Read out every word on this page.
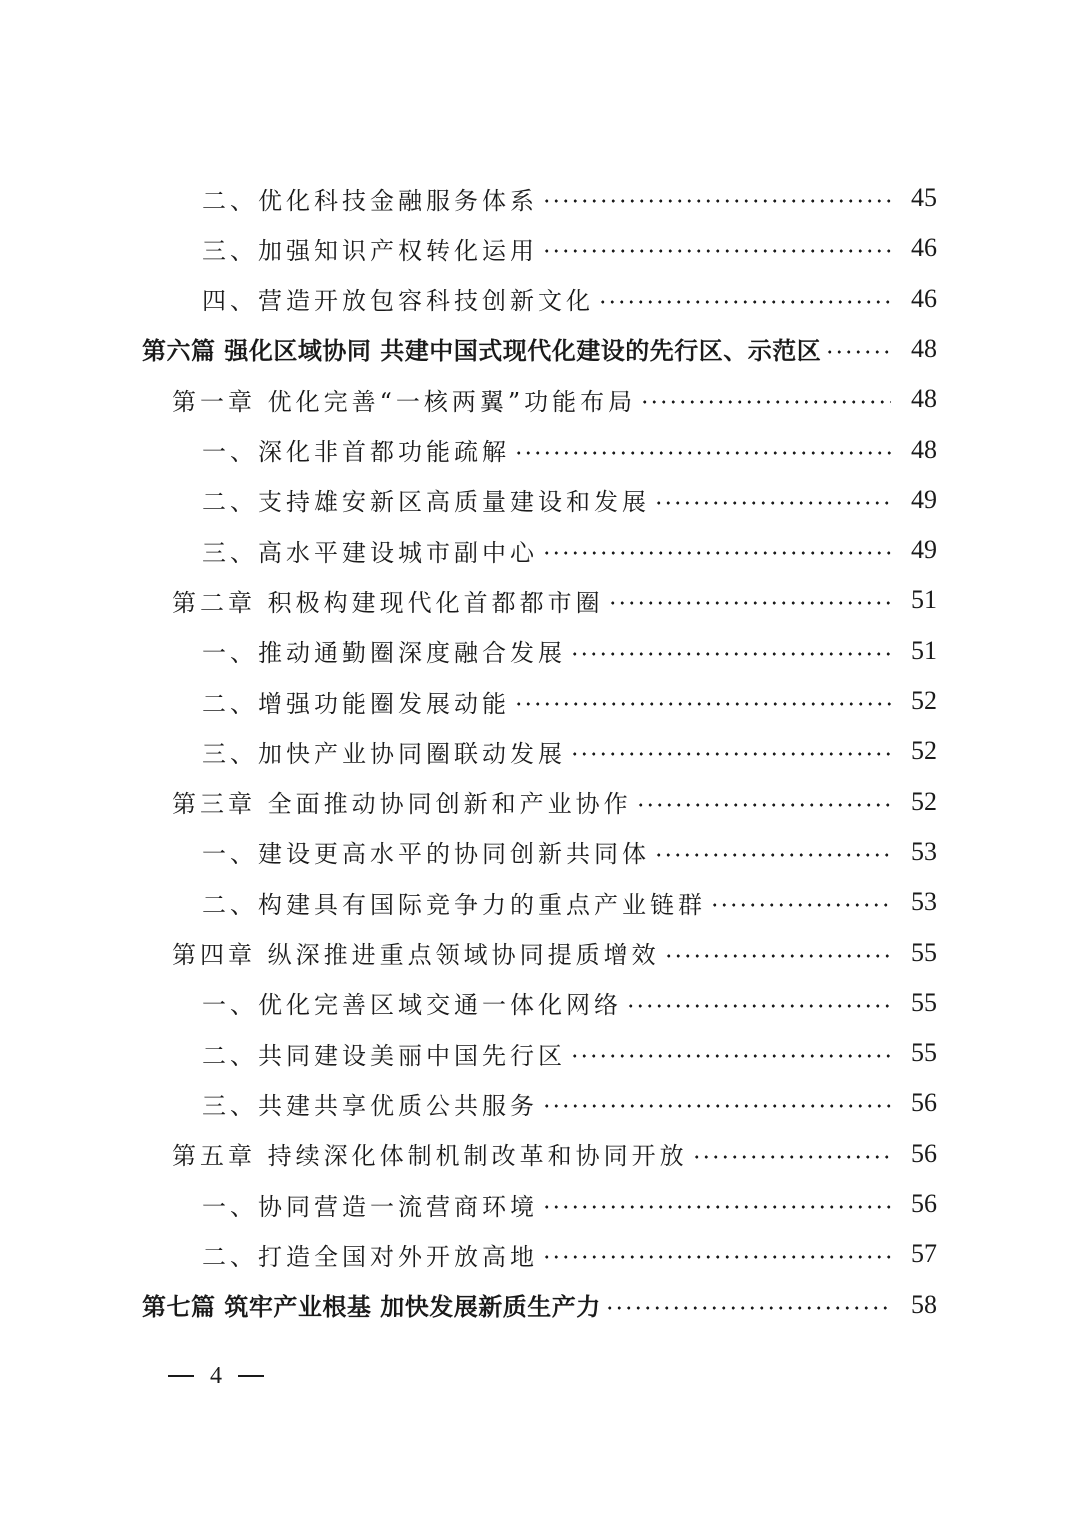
二、优化科技金融服务体系	45
三、加强知识产权转化运用	46
四、营造开放包容科技创新文化	46
第六篇 强化区域协同 共建中国式现代化建设的先行区、示范区	48
第一章 优化完善“一核两翼”功能布局	48
一、深化非首都功能疏解	48
二、支持雄安新区高质量建设和发展	49
三、高水平建设城市副中心	49
第二章 积极构建现代化首都都市圈	51
一、推动通勤圈深度融合发展	51
二、增强功能圈发展动能	52
三、加快产业协同圈联动发展	52
第三章 全面推动协同创新和产业协作	52
一、建设更高水平的协同创新共同体	53
二、构建具有国际竞争力的重点产业链群	53
第四章 纵深推进重点领域协同提质增效	55
一、优化完善区域交通一体化网络	55
二、共同建设美丽中国先行区	55
三、共建共享优质公共服务	56
第五章 持续深化体制机制改革和协同开放	56
一、协同营造一流营商环境	56
二、打造全国对外开放高地	57
第七篇 筑牢产业根基 加快发展新质生产力	58
4
